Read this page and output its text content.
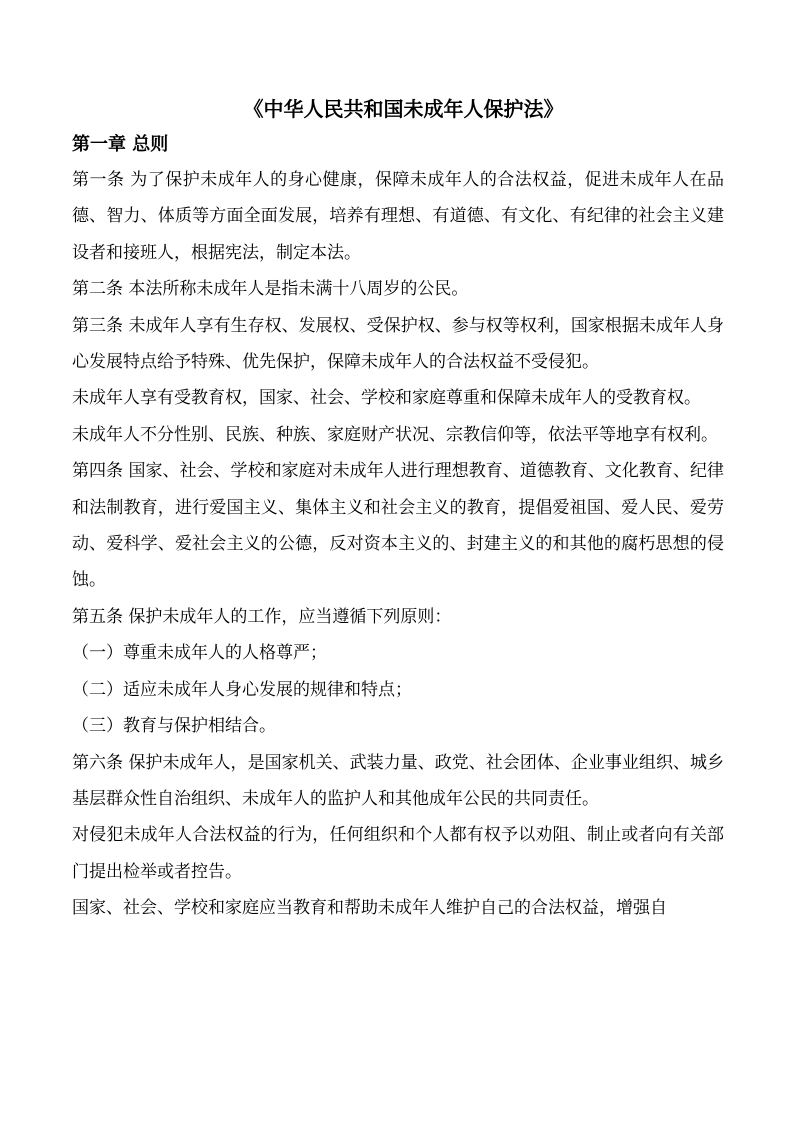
《中华人民共和国未成年人保护法》
第一章 总则

第一条 为了保护未成年人的身心健康，保障未成年人的合法权益，促进未成年人在品德、智力、体质等方面全面发展，培养有理想、有道德、有文化、有纪律的社会主义建设者和接班人，根据宪法，制定本法。

第二条 本法所称未成年人是指未满十八周岁的公民。

第三条 未成年人享有生存权、发展权、受保护权、参与权等权利，国家根据未成年人身心发展特点给予特殊、优先保护，保障未成年人的合法权益不受侵犯。

未成年人享有受教育权，国家、社会、学校和家庭尊重和保障未成年人的受教育权。

未成年人不分性别、民族、种族、家庭财产状况、宗教信仰等，依法平等地享有权利。

第四条 国家、社会、学校和家庭对未成年人进行理想教育、道德教育、文化教育、纪律和法制教育，进行爱国主义、集体主义和社会主义的教育，提倡爱祖国、爱人民、爱劳动、爱科学、爱社会主义的公德，反对资本主义的、封建主义的和其他的腐朽思想的侵蚀。

第五条 保护未成年人的工作，应当遵循下列原则：

（一）尊重未成年人的人格尊严；

（二）适应未成年人身心发展的规律和特点；

（三）教育与保护相结合。

第六条 保护未成年人，是国家机关、武装力量、政党、社会团体、企业事业组织、城乡基层群众性自治组织、未成年人的监护人和其他成年公民的共同责任。

对侵犯未成年人合法权益的行为，任何组织和个人都有权予以劝阻、制止或者向有关部门提出检举或者控告。

国家、社会、学校和家庭应当教育和帮助未成年人维护自己的合法权益，增强自
